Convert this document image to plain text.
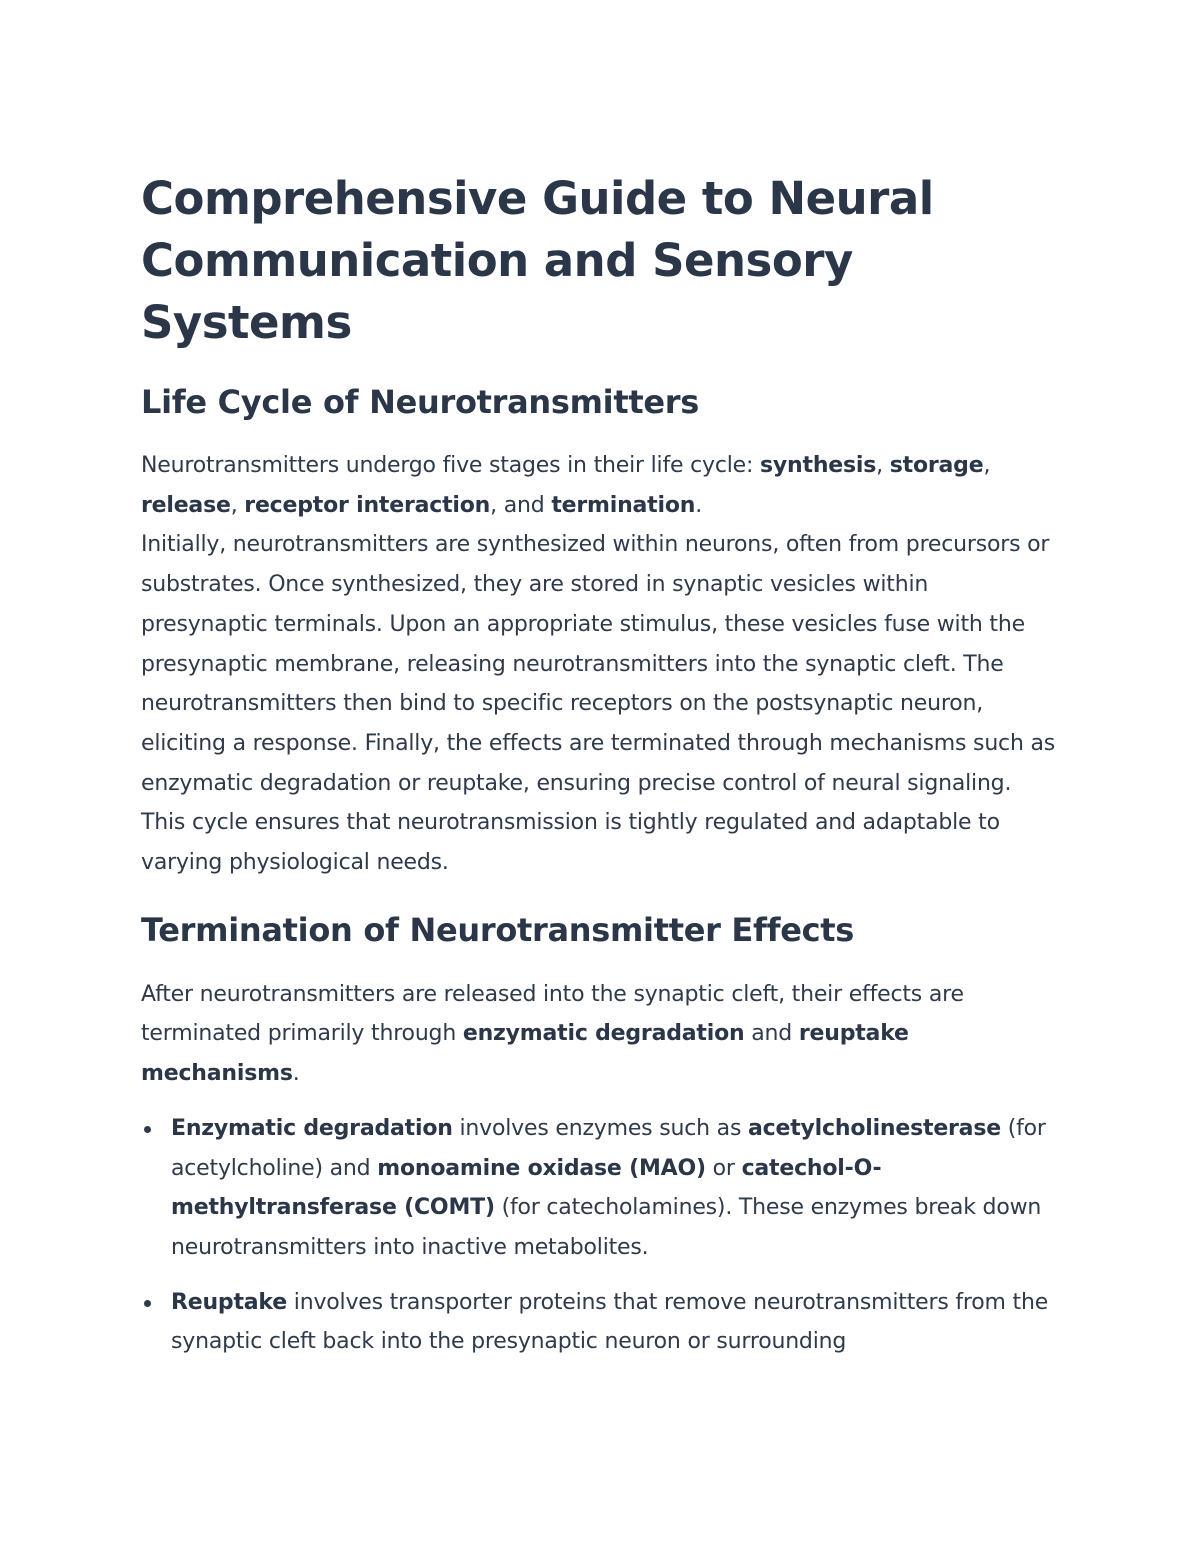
Comprehensive Guide to Neural Communication and Sensory Systems
Life Cycle of Neurotransmitters

Neurotransmitters undergo five stages in their life cycle: synthesis, storage, release, receptor interaction, and termination.

Initially, neurotransmitters are synthesized within neurons, often from precursors or substrates. Once synthesized, they are stored in synaptic vesicles within presynaptic terminals. Upon an appropriate stimulus, these vesicles fuse with the presynaptic membrane, releasing neurotransmitters into the synaptic cleft. The neurotransmitters then bind to specific receptors on the postsynaptic neuron, eliciting a response. Finally, the effects are terminated through mechanisms such as enzymatic degradation or reuptake, ensuring precise control of neural signaling. This cycle ensures that neurotransmission is tightly regulated and adaptable to varying physiological needs.

Termination of Neurotransmitter Effects

After neurotransmitters are released into the synaptic cleft, their effects are terminated primarily through enzymatic degradation and reuptake mechanisms.

Enzymatic degradation involves enzymes such as acetylcholinesterase (for acetylcholine) and monoamine oxidase (MAO) or catechol-O-methyltransferase (COMT) (for catecholamines). These enzymes break down neurotransmitters into inactive metabolites.

Reuptake involves transporter proteins that remove neurotransmitters from the synaptic cleft back into the presynaptic neuron or surrounding
